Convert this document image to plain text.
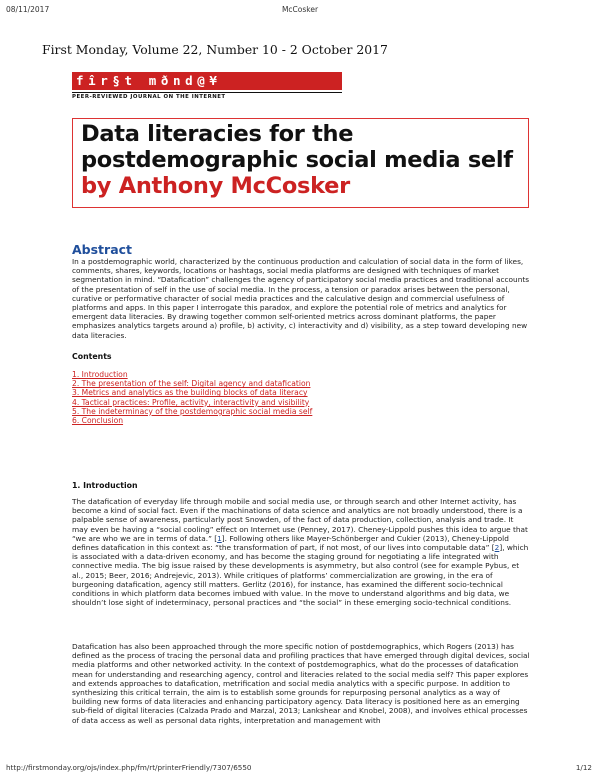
08/11/2017	McCosker
First Monday, Volume 22, Number 10 - 2 October 2017
fîr§t mðnd@¥
PEER-REVIEWED JOURNAL ON THE INTERNET
Data literacies for the
postdemographic social media self
by Anthony McCosker
Abstract
In a postdemographic world, characterized by the continuous production and calculation of social data in the form of likes, comments, shares, keywords, locations or hashtags, social media platforms are designed with techniques of market segmentation in mind. “Datafication” challenges the agency of participatory social media practices and traditional accounts of the presentation of self in the use of social media. In the process, a tension or paradox arises between the personal, curative or performative character of social media practices and the calculative design and commercial usefulness of platforms and apps. In this paper I interrogate this paradox, and explore the potential role of metrics and analytics for emergent data literacies. By drawing together common self-oriented metrics across dominant platforms, the paper emphasizes analytics targets around a) profile, b) activity, c) interactivity and d) visibility, as a step toward developing new data literacies.
Contents
1. Introduction
2. The presentation of the self: Digital agency and datafication
3. Metrics and analytics as the building blocks of data literacy
4. Tactical practices: Profile, activity, interactivity and visibility
5. The indeterminacy of the postdemographic social media self
6. Conclusion
1. Introduction
The datafication of everyday life through mobile and social media use, or through search and other Internet activity, has become a kind of social fact. Even if the machinations of data science and analytics are not broadly understood, there is a palpable sense of awareness, particularly post Snowden, of the fact of data production, collection, analysis and trade. It may even be having a “social cooling” effect on Internet use (Penney, 2017). Cheney-Lippold pushes this idea to argue that “we are who we are in terms of data.” [1]. Following others like Mayer-Schönberger and Cukier (2013), Cheney-Lippold defines datafication in this context as: “the transformation of part, if not most, of our lives into computable data” [2], which is associated with a data-driven economy, and has become the staging ground for negotiating a life integrated with connective media. The big issue raised by these developments is asymmetry, but also control (see for example Pybus, et al., 2015; Beer, 2016; Andrejevic, 2013). While critiques of platforms’ commercialization are growing, in the era of burgeoning datafication, agency still matters. Gerlitz (2016), for instance, has examined the different socio-technical conditions in which platform data becomes imbued with value. In the move to understand algorithms and big data, we shouldn’t lose sight of indeterminacy, personal practices and “the social” in these emerging socio-technical conditions.
Datafication has also been approached through the more specific notion of postdemographics, which Rogers (2013) has defined as the process of tracing the personal data and profiling practices that have emerged through digital devices, social media platforms and other networked activity. In the context of postdemographics, what do the processes of datafication mean for understanding and researching agency, control and literacies related to the social media self? This paper explores and extends approaches to datafication, metrification and social media analytics with a specific purpose. In addition to synthesizing this critical terrain, the aim is to establish some grounds for repurposing personal analytics as a way of building new forms of data literacies and enhancing participatory agency. Data literacy is positioned here as an emerging sub-field of digital literacies (Calzada Prado and Marzal, 2013; Lankshear and Knobel, 2008), and involves ethical processes of data access as well as personal data rights, interpretation and management with
http://firstmonday.org/ojs/index.php/fm/rt/printerFriendly/7307/6550	1/12
